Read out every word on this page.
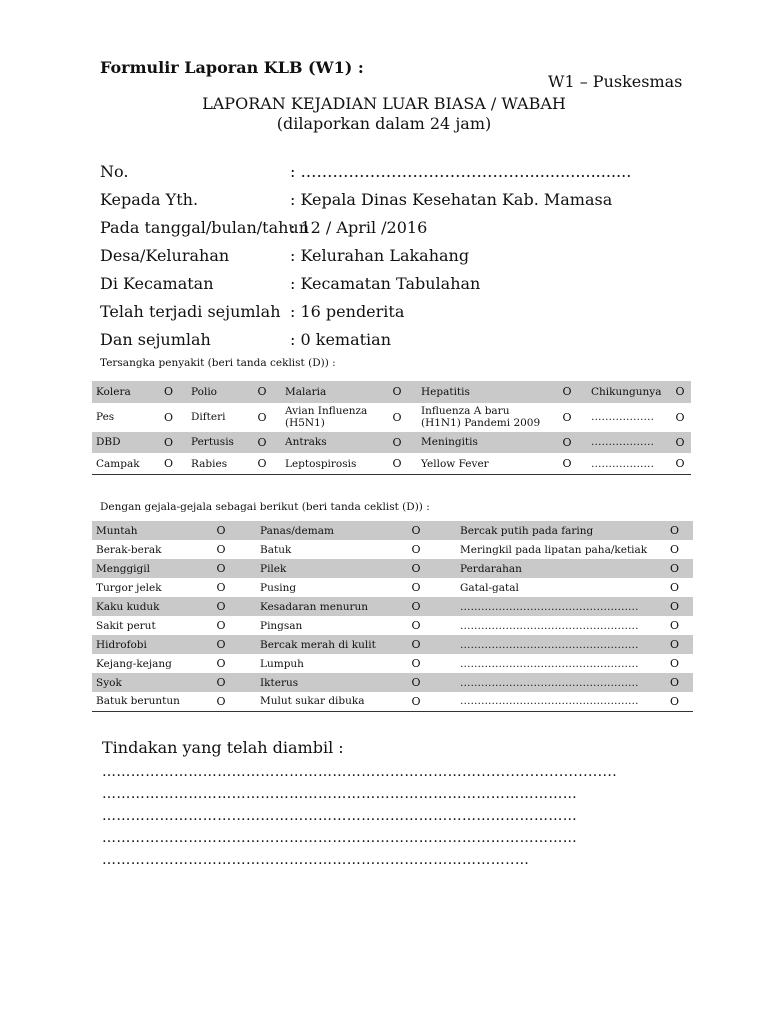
Formulir Laporan KLB (W1) :
W1 – Puskesmas
LAPORAN KEJADIAN LUAR BIASA / WABAH
(dilaporkan dalam 24 jam)
No.	: …………………………………….....................
Kepada Yth.	: Kepala Dinas Kesehatan Kab. Mamasa
Pada tanggal/bulan/tahun
: 12 / April /2016
Desa/Kelurahan	: Kelurahan Lakahang
Di Kecamatan	: Kecamatan Tabulahan
Telah terjadi sejumlah : 16 penderita
Dan sejumlah	: 0 kematian
Tersangka penyakit (beri tanda ceklist (D)) :
Kolera	O	Polio	O	Malaria	O	Hepatitis	O	Chikungunya	O
Pes	O	Difteri	O	Avian Influenza (H5N1)	O	Influenza A baru (H1N1) Pandemi 2009	O	………………	O
DBD	O	Pertusis	O	Antraks	O	Meningitis	O	………………	O
Campak	O	Rabies	O	Leptospirosis	O	Yellow Fever	O	………………	O
Dengan gejala-gejala sebagai berikut (beri tanda ceklist (D)) :
Muntah	O	Panas/demam	O	Bercak putih pada faring	O
Berak-berak	O	Batuk	O	Meringkil pada lipatan paha/ketiak	O
Menggigil	O	Pilek	O	Perdarahan	O
Turgor jelek	O	Pusing	O	Gatal-gatal	O
Kaku kuduk	O	Kesadaran menurun	O	……………………………………………	O
Sakit perut	O	Pingsan	O	……………………………………………	O
Hidrofobi	O	Bercak merah di kulit	O	……………………………………………	O
Kejang-kejang	O	Lumpuh	O	……………………………………………	O
Syok	O	Ikterus	O	……………………………………………	O
Batuk beruntun	O	Mulut sukar dibuka	O	……………………………………………	O
Tindakan yang telah diambil :
…………………………………………………………………….............................
………………………………………………………………………………………
………………………………………………………………………………………
………………………………………………………………………………………
…………………………………………………………………………..…
